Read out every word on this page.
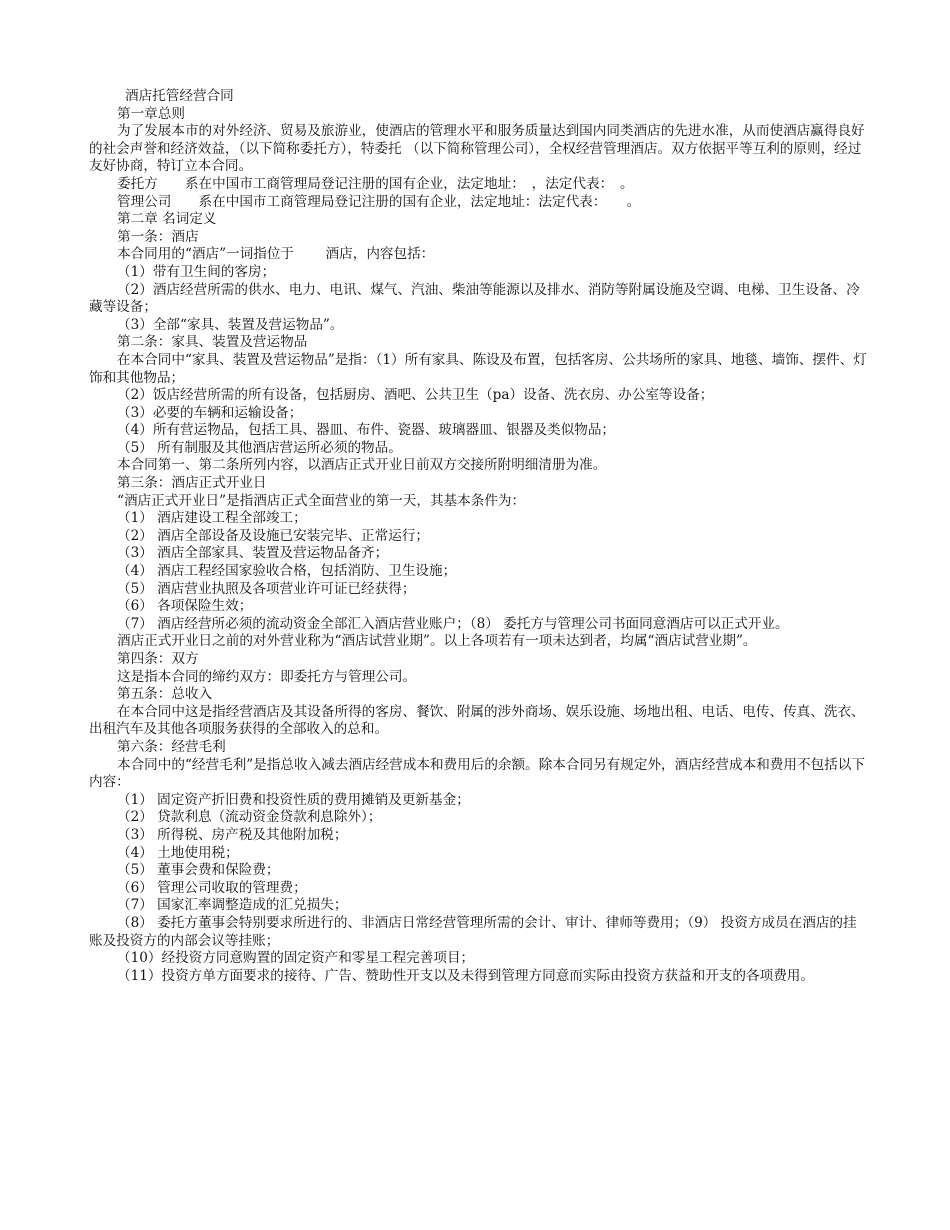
酒店托管经营合同

第一章总则

为了发展本市的对外经济、贸易及旅游业，使酒店的管理水平和服务质量达到国内同类酒店的先进水准，从而使酒店赢得良好的社会声誉和经济效益，（以下简称委托方），特委托 （以下简称管理公司），全权经营管理酒店。双方依据平等互利的原则，经过友好协商，特订立本合同。

委托方　　系在中国市工商管理局登记注册的国有企业，法定地址：　，法定代表：　。

管理公司　　系在中国市工商管理局登记注册的国有企业，法定地址：法定代表：　　。

第二章 名词定义

第一条：酒店

本合同用的“酒店”一词指位于　　 酒店，内容包括：

（1）带有卫生间的客房；

（2）酒店经营所需的供水、电力、电讯、煤气、汽油、柴油等能源以及排水、消防等附属设施及空调、电梯、卫生设备、冷藏等设备；

（3）全部“家具、装置及营运物品”。

第二条：家具、装置及营运物品

在本合同中“家具、装置及营运物品”是指：（1）所有家具、陈设及布置，包括客房、公共场所的家具、地毯、墙饰、摆件、灯饰和其他物品；

（2）饭店经营所需的所有设备，包括厨房、酒吧、公共卫生（pa）设备、洗衣房、办公室等设备；

（3）必要的车辆和运输设备；

（4）所有营运物品，包括工具、器皿、布件、瓷器、玻璃器皿、银器及类似物品；

（5） 所有制服及其他酒店营运所必须的物品。

本合同第一、第二条所列内容，以酒店正式开业日前双方交接所附明细清册为准。

第三条：酒店正式开业日

“酒店正式开业日”是指酒店正式全面营业的第一天，其基本条件为：

（1） 酒店建设工程全部竣工；

（2） 酒店全部设备及设施已安装完毕、正常运行；

（3） 酒店全部家具、装置及营运物品备齐；

（4） 酒店工程经国家验收合格，包括消防、卫生设施；

（5） 酒店营业执照及各项营业许可证已经获得；

（6） 各项保险生效；

（7） 酒店经营所必须的流动资金全部汇入酒店营业账户；（8） 委托方与管理公司书面同意酒店可以正式开业。

酒店正式开业日之前的对外营业称为“酒店试营业期”。以上各项若有一项未达到者，均属“酒店试营业期”。

第四条：双方

这是指本合同的缔约双方：即委托方与管理公司。

第五条：总收入

在本合同中这是指经营酒店及其设备所得的客房、餐饮、附属的涉外商场、娱乐设施、场地出租、电话、电传、传真、洗衣、出租汽车及其他各项服务获得的全部收入的总和。

第六条：经营毛利

本合同中的“经营毛利”是指总收入减去酒店经营成本和费用后的余额。除本合同另有规定外，酒店经营成本和费用不包括以下内容：

（1） 固定资产折旧费和投资性质的费用摊销及更新基金；

（2） 贷款利息（流动资金贷款利息除外）；

（3） 所得税、房产税及其他附加税；

（4） 土地使用税；

（5） 董事会费和保险费；

（6） 管理公司收取的管理费；

（7） 国家汇率调整造成的汇兑损失；

（8） 委托方董事会特别要求所进行的、非酒店日常经营管理所需的会计、审计、律师等费用；（9） 投资方成员在酒店的挂账及投资方的内部会议等挂账；

（10）经投资方同意购置的固定资产和零星工程完善项目；

（11）投资方单方面要求的接待、广告、赞助性开支以及未得到管理方同意而实际由投资方获益和开支的各项费用。
